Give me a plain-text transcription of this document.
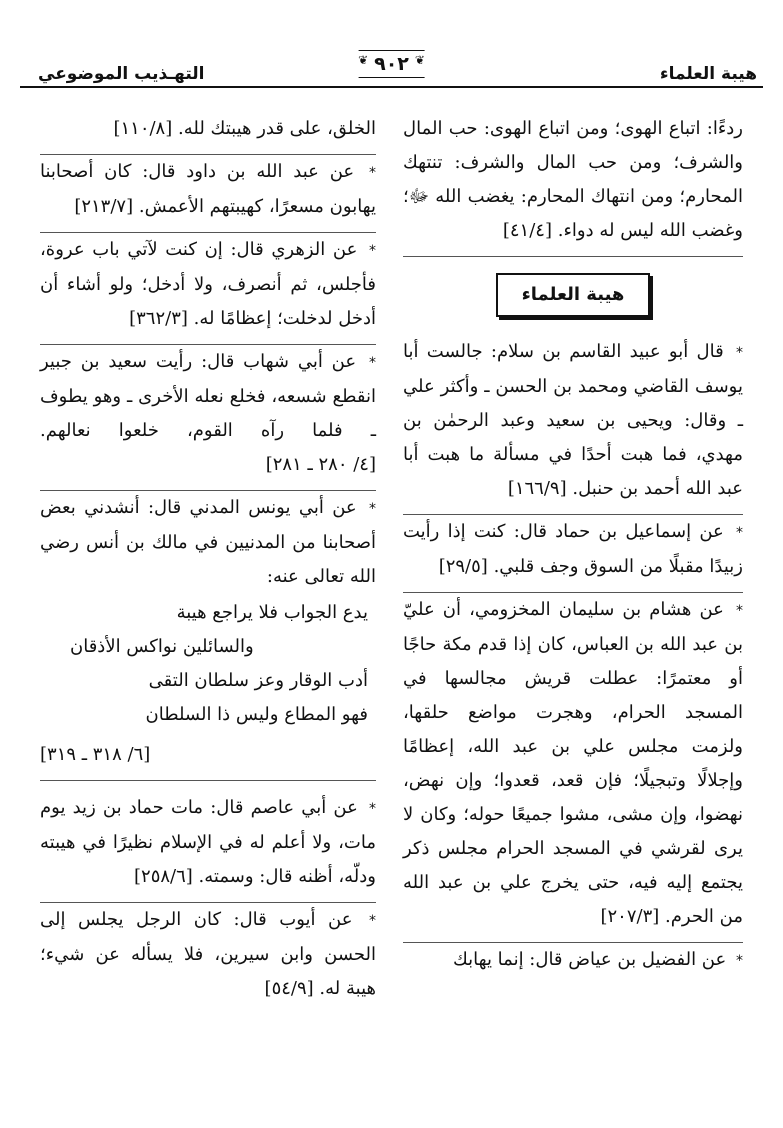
هيبة العلماء
❦ ٩٠٢ ❦
التهـذيب الموضوعي

ردءًا: اتباع الهوى؛ ومن اتباع الهوى: حب المال والشرف؛ ومن حب المال والشرف: تنتهك المحارم؛ ومن انتهاك المحارم: يغضب الله ﷻ؛ وغضب الله ليس له دواء. [٤١/٤]

هيبة العلماء

* قال أبو عبيد القاسم بن سلام: جالست أبا يوسف القاضي ومحمد بن الحسن ـ وأكثر علي ـ وقال: ويحيى بن سعيد وعبد الرحمٰن بن مهدي، فما هبت أحدًا في مسألة ما هبت أبا عبد الله أحمد بن حنبل. [١٦٦/٩]

* عن إسماعيل بن حماد قال: كنت إذا رأيت زبيدًا مقبلًا من السوق وجف قلبي. [٢٩/٥]

* عن هشام بن سليمان المخزومي، أن عليّ بن عبد الله بن العباس، كان إذا قدم مكة حاجًا أو معتمرًا: عطلت قريش مجالسها في المسجد الحرام، وهجرت مواضع حلقها، ولزمت مجلس علي بن عبد الله، إعظامًا وإجلالًا وتبجيلًا؛ فإن قعد، قعدوا؛ وإن نهض، نهضوا، وإن مشى، مشوا جميعًا حوله؛ وكان لا يرى لقرشي في المسجد الحرام مجلس ذكر يجتمع إليه فيه، حتى يخرج علي بن عبد الله من الحرم. [٢٠٧/٣]

* عن الفضيل بن عياض قال: إنما يهابك

الخلق، على قدر هيبتك لله. [١١٠/٨]

* عن عبد الله بن داود قال: كان أصحابنا يهابون مسعرًا، كهيبتهم الأعمش. [٢١٣/٧]

* عن الزهري قال: إن كنت لآتي باب عروة، فأجلس، ثم أنصرف، ولا أدخل؛ ولو أشاء أن أدخل لدخلت؛ إعظامًا له. [٣٦٢/٣]

* عن أبي شهاب قال: رأيت سعيد بن جبير انقطع شسعه، فخلع نعله الأخرى ـ وهو يطوف ـ فلما رآه القوم، خلعوا نعالهم. [٤/ ٢٨٠ ـ ٢٨١]

* عن أبي يونس المدني قال: أنشدني بعض أصحابنا من المدنيين في مالك بن أنس رضي الله تعالى عنه:

يدع الجواب فلا يراجع هيبة
والسائلين نواكس الأذقان
أدب الوقار وعز سلطان التقى
فهو المطاع وليس ذا السلطان

[٦/ ٣١٨ ـ ٣١٩]

* عن أبي عاصم قال: مات حماد بن زيد يوم مات، ولا أعلم له في الإسلام نظيرًا في هيبته ودلّه، أظنه قال: وسمته. [٢٥٨/٦]

* عن أيوب قال: كان الرجل يجلس إلى الحسن وابن سيرين، فلا يسأله عن شيء؛ هيبة له. [٥٤/٩]
